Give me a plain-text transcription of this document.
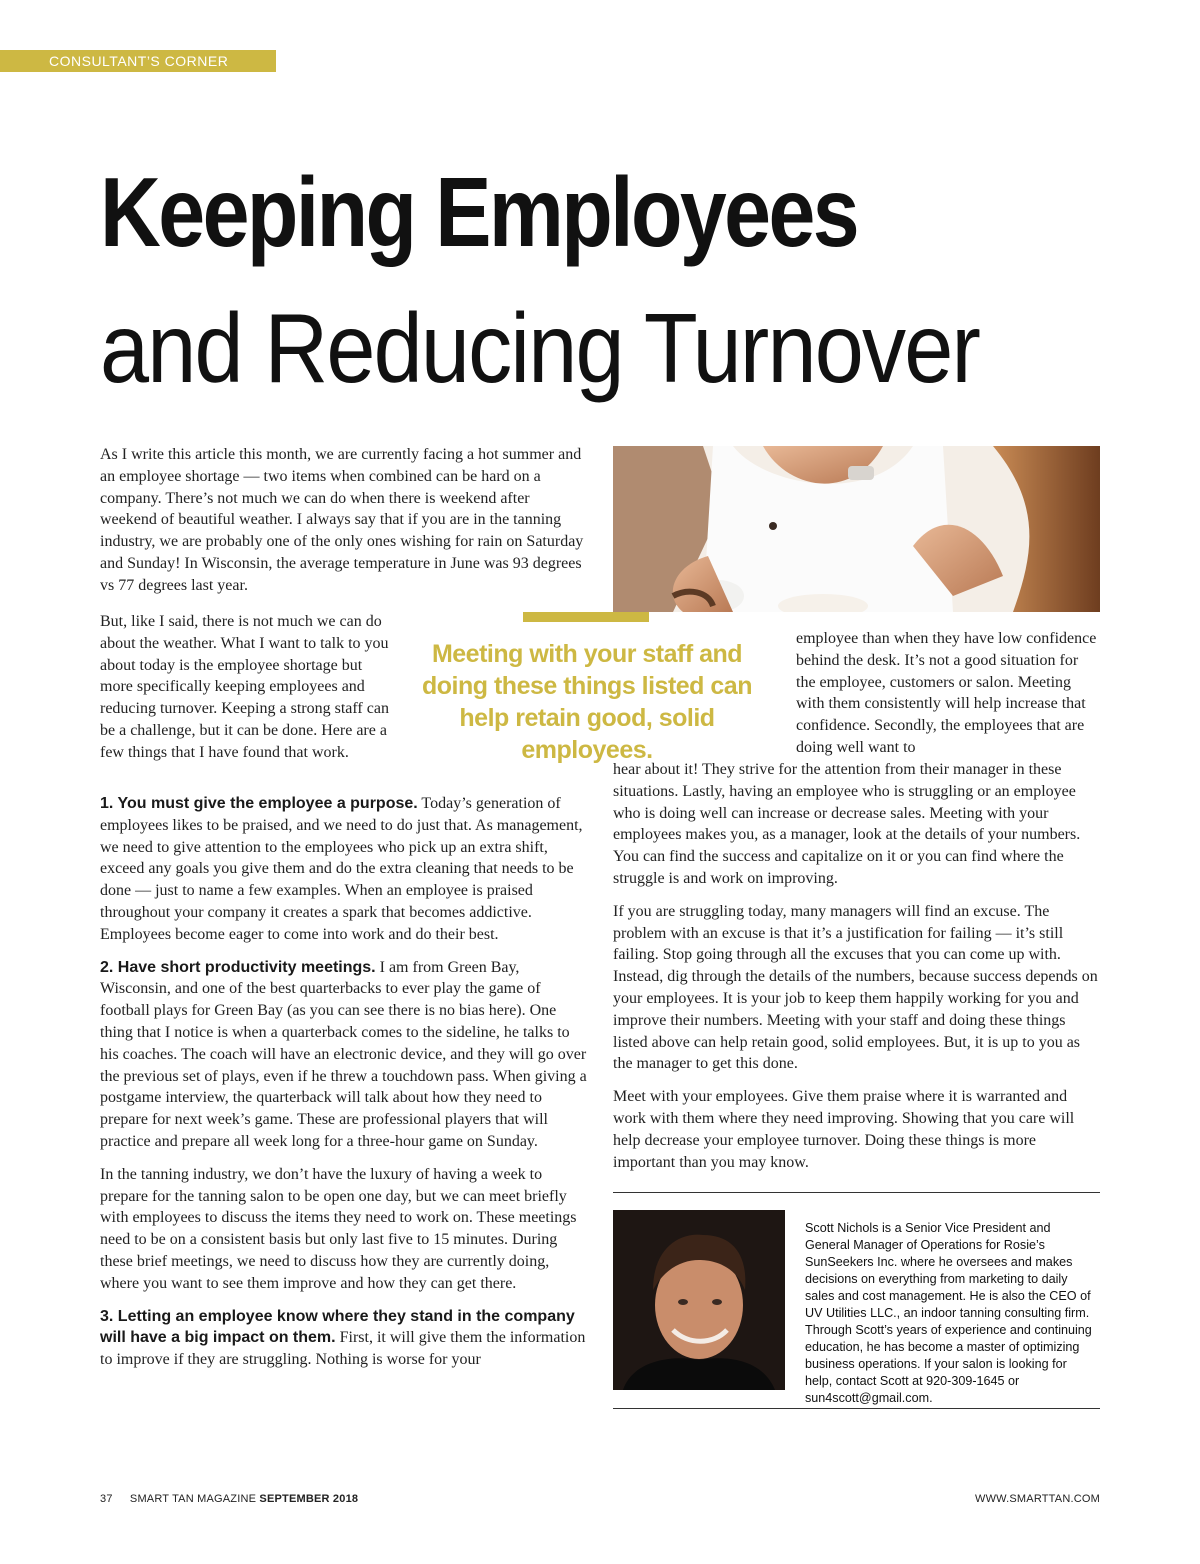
CONSULTANT’S CORNER
Keeping Employees
and Reducing Turnover
As I write this article this month, we are currently facing a hot summer and an employee shortage — two items when combined can be hard on a company. There’s not much we can do when there is weekend after weekend of beautiful weather. I always say that if you are in the tanning industry, we are probably one of the only ones wishing for rain on Saturday and Sunday! In Wisconsin, the average temperature in June was 93 degrees vs 77 degrees last year.
But, like I said, there is not much we can do about the weather. What I want to talk to you about today is the employee shortage but more specifically keeping employees and reducing turnover. Keeping a strong staff can be a challenge, but it can be done. Here are a few things that I have found that work.
Meeting with your staff and doing these things listed can help retain good, solid employees.

1. You must give the employee a purpose. Today’s generation of employees likes to be praised, and we need to do just that. As management, we need to give attention to the employees who pick up an extra shift, exceed any goals you give them and do the extra cleaning that needs to be done — just to name a few examples. When an employee is praised throughout your company it creates a spark that becomes addictive. Employees become eager to come into work and do their best.

2. Have short productivity meetings. I am from Green Bay, Wisconsin, and one of the best quarterbacks to ever play the game of football plays for Green Bay (as you can see there is no bias here). One thing that I notice is when a quarterback comes to the sideline, he talks to his coaches. The coach will have an electronic device, and they will go over the previous set of plays, even if he threw a touchdown pass. When giving a postgame interview, the quarterback will talk about how they need to prepare for next week’s game. These are professional players that will practice and prepare all week long for a three-hour game on Sunday.

In the tanning industry, we don’t have the luxury of having a week to prepare for the tanning salon to be open one day, but we can meet briefly with employees to discuss the items they need to work on. These meetings need to be on a consistent basis but only last five to 15 minutes. During these brief meetings, we need to discuss how they are currently doing, where you want to see them improve and how they can get there.

3. Letting an employee know where they stand in the company will have a big impact on them. First, it will give them the information to improve if they are struggling. Nothing is worse for your

employee than when they have low confidence behind the desk. It’s not a good situation for the employee, customers or salon. Meeting with them consistently will help increase that confidence. Secondly, the employees that are doing well want to

hear about it! They strive for the attention from their manager in these situations. Lastly, having an employee who is struggling or an employee who is doing well can increase or decrease sales. Meeting with your employees makes you, as a manager, look at the details of your numbers. You can find the success and capitalize on it or you can find where the struggle is and work on improving.

If you are struggling today, many managers will find an excuse. The problem with an excuse is that it’s a justification for failing — it’s still failing. Stop going through all the excuses that you can come up with. Instead, dig through the details of the numbers, because success depends on your employees. It is your job to keep them happily working for you and improve their numbers. Meeting with your staff and doing these things listed above can help retain good, solid employees. But, it is up to you as the manager to get this done.

Meet with your employees. Give them praise where it is warranted and work with them where they need improving. Showing that you care will help decrease your employee turnover. Doing these things is more important than you may know.

Scott Nichols is a Senior Vice President and General Manager of Operations for Rosie’s SunSeekers Inc. where he oversees and makes decisions on everything from marketing to daily sales and cost management. He is also the CEO of UV Utilities LLC., an indoor tanning consulting firm. Through Scott’s years of experience and continuing education, he has become a master of optimizing business operations. If your salon is looking for help, contact Scott at 920-309-1645 or sun4scott@gmail.com.
37 SMART TAN MAGAZINE SEPTEMBER 2018	WWW.SMARTTAN.COM
